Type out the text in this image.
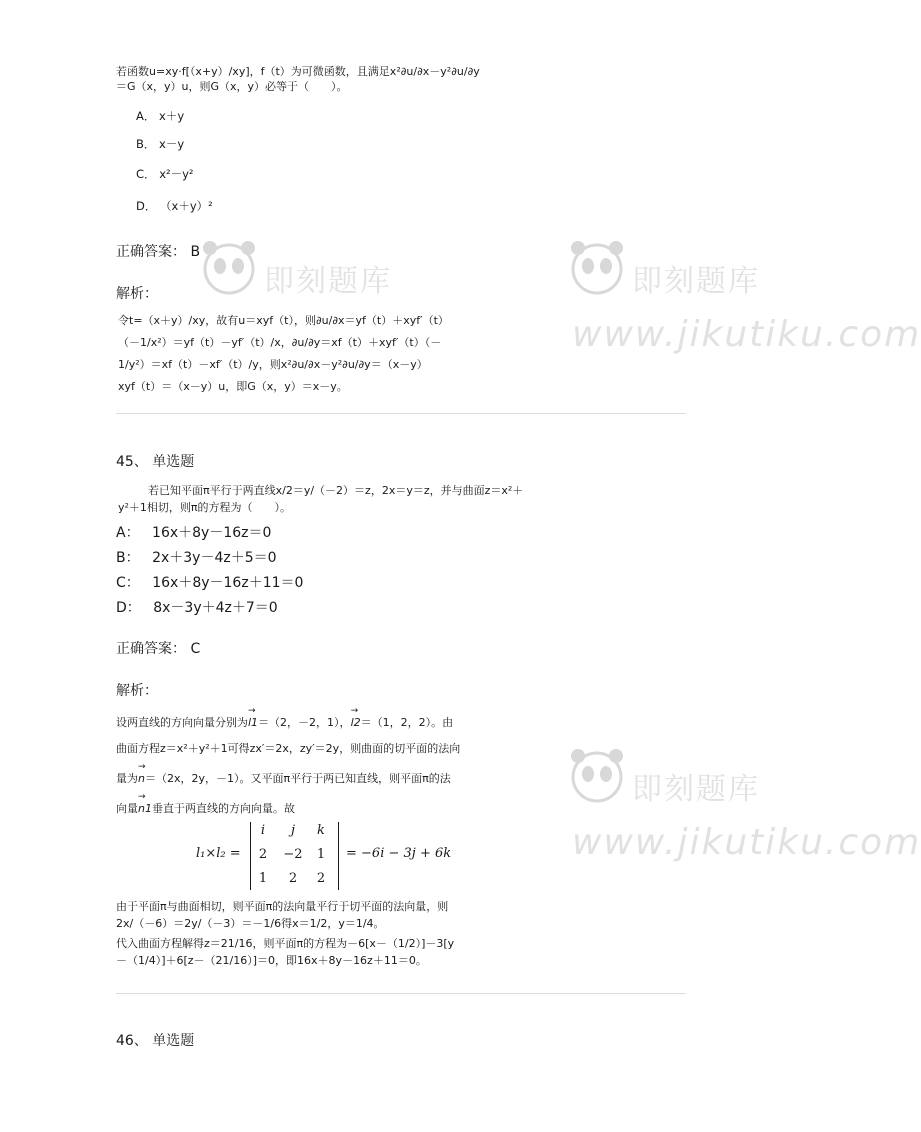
若函数u=xy·f[（x+y）/xy]，f（t）为可微函数，且满足x²∂u/∂x－y²∂u/∂y
＝G（x，y）u，则G（x，y）必等于（　　）。
A． x＋y
B． x－y
C． x²－y²
D． （x＋y）²
正确答案： B
解析：
令t=（x＋y）/xy，故有u＝xyf（t），则∂u/∂x＝yf（t）＋xyf′（t）
（－1/x²）＝yf（t）－yf′（t）/x，∂u/∂y＝xf（t）＋xyf′（t）（－
1/y²）＝xf（t）－xf′（t）/y，则x²∂u/∂x－y²∂u/∂y＝（x－y）
xyf（t）＝（x－y）u，即G（x，y）＝x－y。
45、 单选题
若已知平面π平行于两直线x/2＝y/（－2）＝z，2x＝y＝z，并与曲面z＝x²＋
y²＋1相切，则π的方程为（　　）。
A： 16x＋8y－16z＝0
B： 2x＋3y－4z＋5＝0
C： 16x＋8y－16z＋11＝0
D： 8x－3y＋4z＋7＝0
正确答案： C
解析：
设两直线的方向向量分别为→ l1＝（2，－2，1），→ l2＝（1，2，2）。由
曲面方程z＝x²＋y²＋1可得zx′＝2x，zy′＝2y，则曲面的切平面的法向
量为→ n＝（2x，2y，－1）。又平面π平行于两已知直线，则平面π的法
向量→ n1垂直于两直线的方向向量。故
l₁×l₂ =
i	j	k
2	−2	1
1	2	2
= −6i − 3j + 6k
由于平面π与曲面相切，则平面π的法向量平行于切平面的法向量，则
2x/（－6）＝2y/（－3）＝－1/6得x＝1/2，y＝1/4。
代入曲面方程解得z＝21/16，则平面π的方程为－6[x－（1/2）]－3[y
－（1/4）]＋6[z－（21/16）]＝0，即16x＋8y－16z＋11＝0。
46、 单选题
即刻题库	即刻题库
www.jikutiku.com
即刻题库
www.jikutiku.com
